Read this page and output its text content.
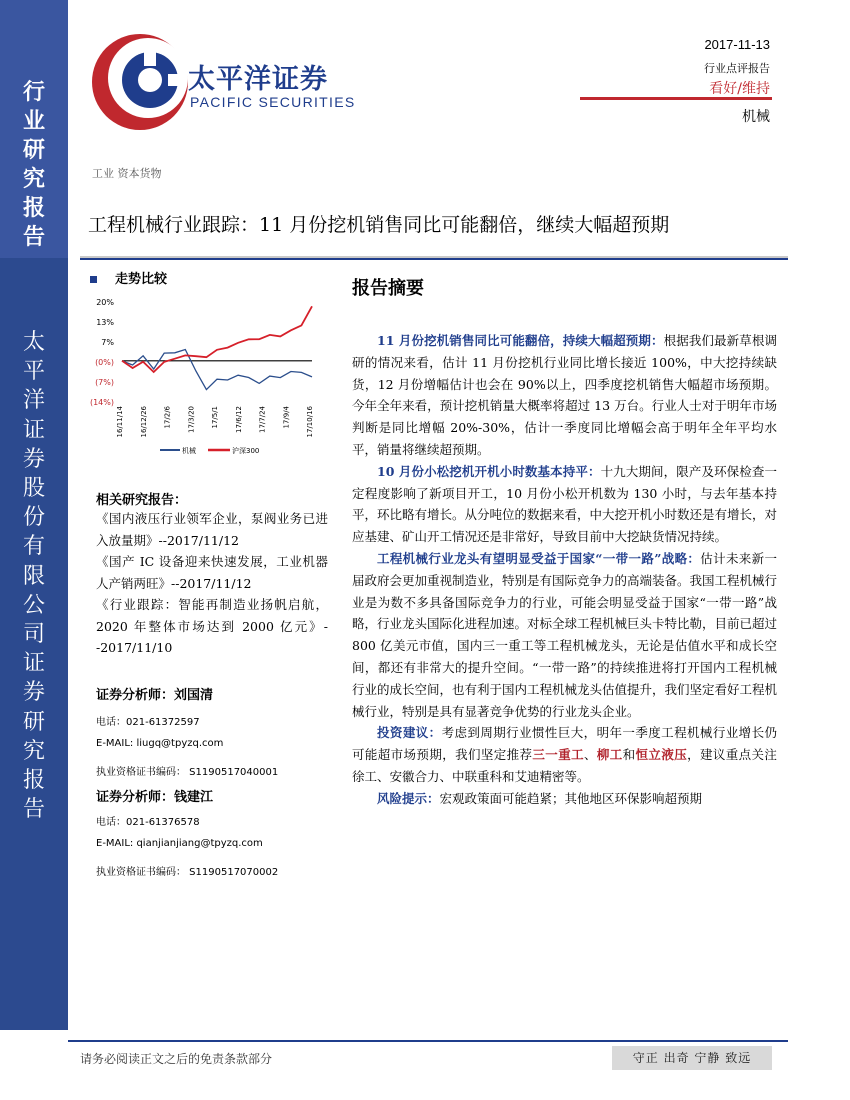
行
业
研
究
报
告
太
平
洋
证
券
股
份
有
限
公
司
证
券
研
究
报
告
太平洋证券
PACIFIC SECURITIES
2017-11-13
行业点评报告
看好/维持
机械
工业 资本货物
工程机械行业跟踪：11 月份挖机销售同比可能翻倍，继续大幅超预期
走势比较
20%
13%
7%
(0%)
(7%)
(14%)
16/11/14 16/12/26 17/2/6 17/3/20 17/5/1 17/6/12 17/7/24 17/9/4 17/10/16
机械	沪深300
相关研究报告：

《国内液压行业领军企业，泵阀业务已进入放量期》--2017/11/12

《国产 IC 设备迎来快速发展，工业机器人产销两旺》--2017/11/12

《行业跟踪：智能再制造业扬帆启航，2020 年整体市场达到 2000 亿元》--2017/11/10

证券分析师：刘国清
电话：021-61372597
E-MAIL: liugq@tpyzq.com
执业资格证书编码： S1190517040001
证券分析师：钱建江
电话：021-61376578
E-MAIL: qianjianjiang@tpyzq.com
执业资格证书编码： S1190517070002
报告摘要

11 月份挖机销售同比可能翻倍，持续大幅超预期：根据我们最新草根调研的情况来看，估计 11 月份挖机行业同比增长接近 100%，中大挖持续缺货，12 月份增幅估计也会在 90%以上，四季度挖机销售大幅超市场预期。今年全年来看，预计挖机销量大概率将超过 13 万台。行业人士对于明年市场判断是同比增幅 20%-30%，估计一季度同比增幅会高于明年全年平均水平，销量将继续超预期。

10 月份小松挖机开机小时数基本持平：十九大期间，限产及环保检查一定程度影响了新项目开工，10 月份小松开机数为 130 小时，与去年基本持平，环比略有增长。从分吨位的数据来看，中大挖开机小时数还是有增长，对应基建、矿山开工情况还是非常好，导致目前中大挖缺货情况持续。

工程机械行业龙头有望明显受益于国家“一带一路”战略：估计未来新一届政府会更加重视制造业，特别是有国际竞争力的高端装备。我国工程机械行业是为数不多具备国际竞争力的行业，可能会明显受益于国家“一带一路”战略，行业龙头国际化进程加速。对标全球工程机械巨头卡特比勒，目前已超过 800 亿美元市值，国内三一重工等工程机械龙头，无论是估值水平和成长空间，都还有非常大的提升空间。“一带一路”的持续推进将打开国内工程机械行业的成长空间，也有利于国内工程机械龙头估值提升，我们坚定看好工程机械行业，特别是具有显著竞争优势的行业龙头企业。

投资建议：考虑到周期行业惯性巨大，明年一季度工程机械行业增长仍可能超市场预期，我们坚定推荐三一重工、柳工和恒立液压，建议重点关注徐工、安徽合力、中联重科和艾迪精密等。

风险提示：宏观政策面可能趋紧；其他地区环保影响超预期

请务必阅读正文之后的免责条款部分	守正 出奇 宁静 致远
